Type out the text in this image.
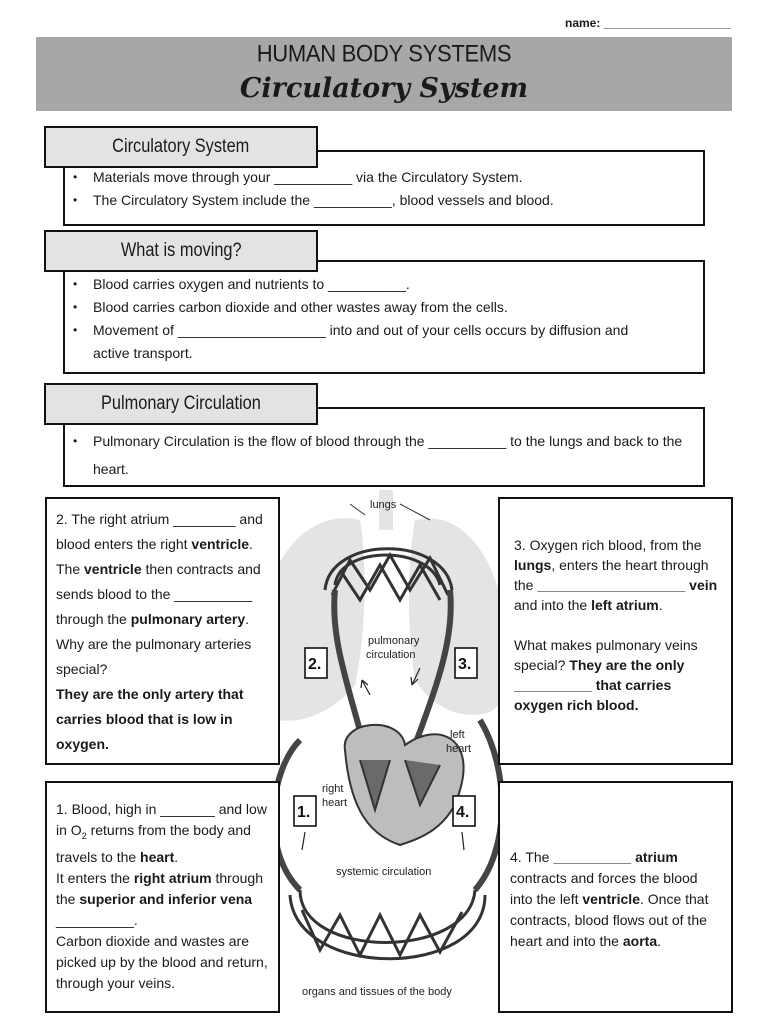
name: ___________________
HUMAN BODY SYSTEMS
Circulatory System
• Materials move through your __________ via the Circulatory System.
• The Circulatory System include the __________, blood vessels and blood.
Circulatory System
• Blood carries oxygen and nutrients to __________.
• Blood carries carbon dioxide and other wastes away from the cells.
• Movement of ___________________ into and out of your cells occurs by diffusion and active transport.
What is moving?
• Pulmonary Circulation is the flow of blood through the __________ to the lungs and back to the heart.
Pulmonary Circulation
lungs
pulmonary
circulation
left
heart
right
heart
systemic circulation
organs and tissues of the body
2.	3.
1.	4.
2. The right atrium ________ and blood enters the right ventricle. The ventricle then contracts and sends blood to the __________ through the pulmonary artery. Why are the pulmonary arteries special?
They are the only artery that carries blood that is low in oxygen.
3. Oxygen rich blood, from the lungs, enters the heart through the ___________________ vein and into the left atrium.

What makes pulmonary veins special? They are the only __________ that carries oxygen rich blood.
1. Blood, high in _______ and low in $O_2$ returns from the body and travels to the heart.
It enters the right atrium through the superior and inferior vena __________.
Carbon dioxide and wastes are picked up by the blood and return, through your veins.
4. The __________ atrium contracts and forces the blood into the left ventricle. Once that contracts, blood flows out of the heart and into the aorta.
